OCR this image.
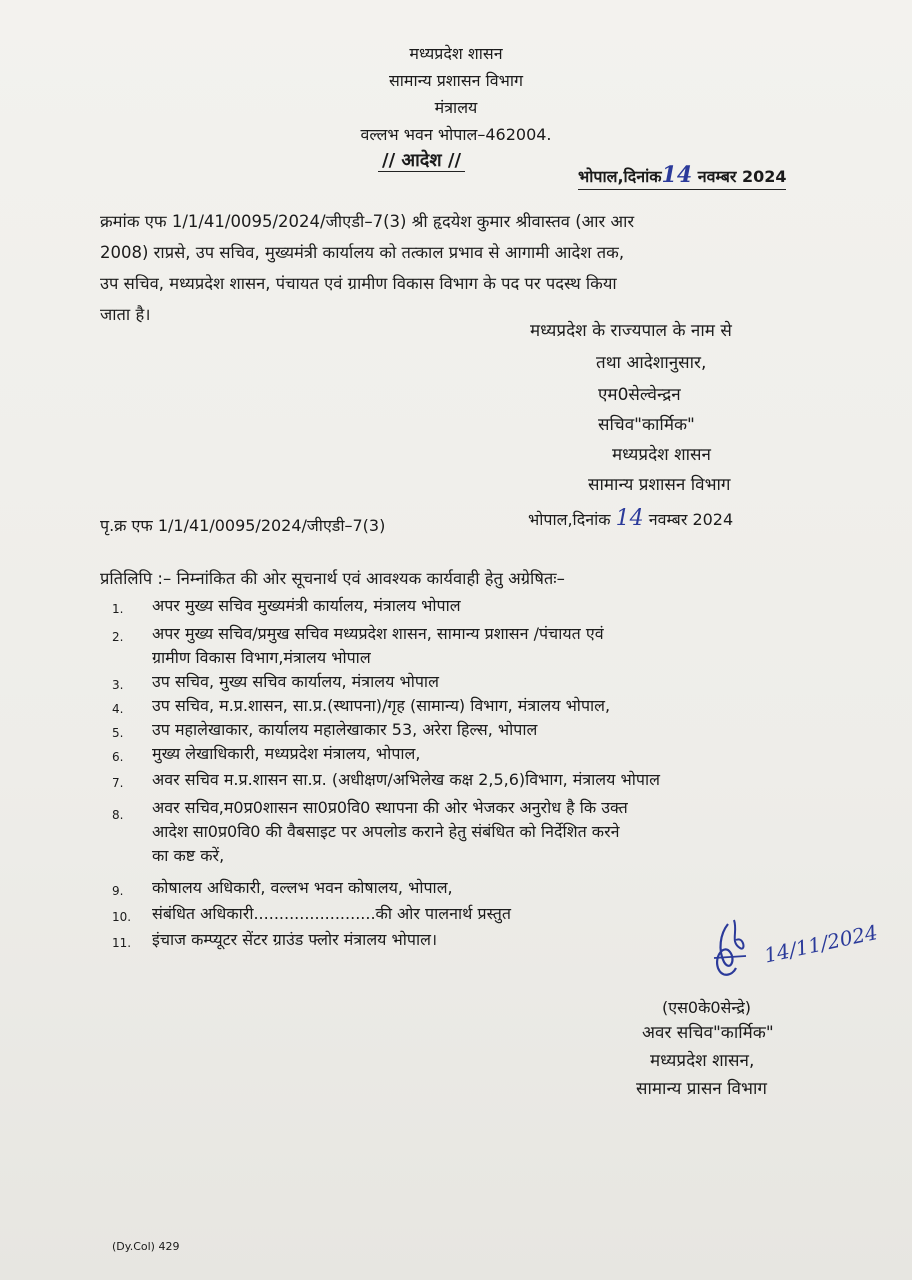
मध्यप्रदेश शासन
सामान्य प्रशासन विभाग
मंत्रालय
वल्लभ भवन भोपाल–462004.
// आदेश //
भोपाल,दिनांक14 नवम्बर 2024
क्रमांक एफ 1/1/41/0095/2024/जीएडी–7(3) श्री हृदयेश कुमार श्रीवास्तव (आर आर
2008) राप्रसे, उप सचिव, मुख्यमंत्री कार्यालय को तत्काल प्रभाव से आगामी आदेश तक,
उप सचिव, मध्यप्रदेश शासन, पंचायत एवं ग्रामीण विकास विभाग के पद पर पदस्थ किया
जाता है।
मध्यप्रदेश के राज्यपाल के नाम से
तथा आदेशानुसार,
एम0सेल्वेन्द्रन
सचिव"कार्मिक"
मध्यप्रदेश शासन
सामान्य प्रशासन विभाग
पृ.क्र एफ 1/1/41/0095/2024/जीएडी–7(3)	भोपाल,दिनांक 14 नवम्बर 2024
प्रतिलिपि :– निम्नांकित की ओर सूचनार्थ एवं आवश्यक कार्यवाही हेतु अग्रेषितः–
1.	अपर मुख्य सचिव मुख्यमंत्री कार्यालय, मंत्रालय भोपाल
2.	अपर मुख्य सचिव/प्रमुख सचिव मध्यप्रदेश शासन, सामान्य प्रशासन /पंचायत एवं
ग्रामीण विकास विभाग,मंत्रालय भोपाल
3.	उप सचिव, मुख्य सचिव कार्यालय, मंत्रालय भोपाल
4.	उप सचिव, म.प्र.शासन, सा.प्र.(स्थापना)/गृह (सामान्य) विभाग, मंत्रालय भोपाल,
5.	उप महालेखाकार, कार्यालय महालेखाकार 53, अरेरा हिल्स, भोपाल
6.	मुख्य लेखाधिकारी, मध्यप्रदेश मंत्रालय, भोपाल,
7.	अवर सचिव म.प्र.शासन सा.प्र. (अधीक्षण/अभिलेख कक्ष 2,5,6)विभाग, मंत्रालय भोपाल
8.	अवर सचिव,म0प्र0शासन सा0प्र0वि0 स्थापना की ओर भेजकर अनुरोध है कि उक्त
आदेश सा0प्र0वि0 की वैबसाइट पर अपलोड कराने हेतु संबंधित को निर्देशित करने
का कष्ट करें,
9.	कोषालय अधिकारी, वल्लभ भवन कोषालय, भोपाल,
10.	संबंधित अधिकारी........................की ओर पालनार्थ प्रस्तुत
11.	इंचाज कम्प्यूटर सेंटर ग्राउंड फ्लोर मंत्रालय भोपाल।	14/11/2024
(एस0के0सेन्द्रे)
अवर सचिव"कार्मिक"
मध्यप्रदेश शासन,
सामान्य प्रासन विभाग
(Dy.Col) 429
